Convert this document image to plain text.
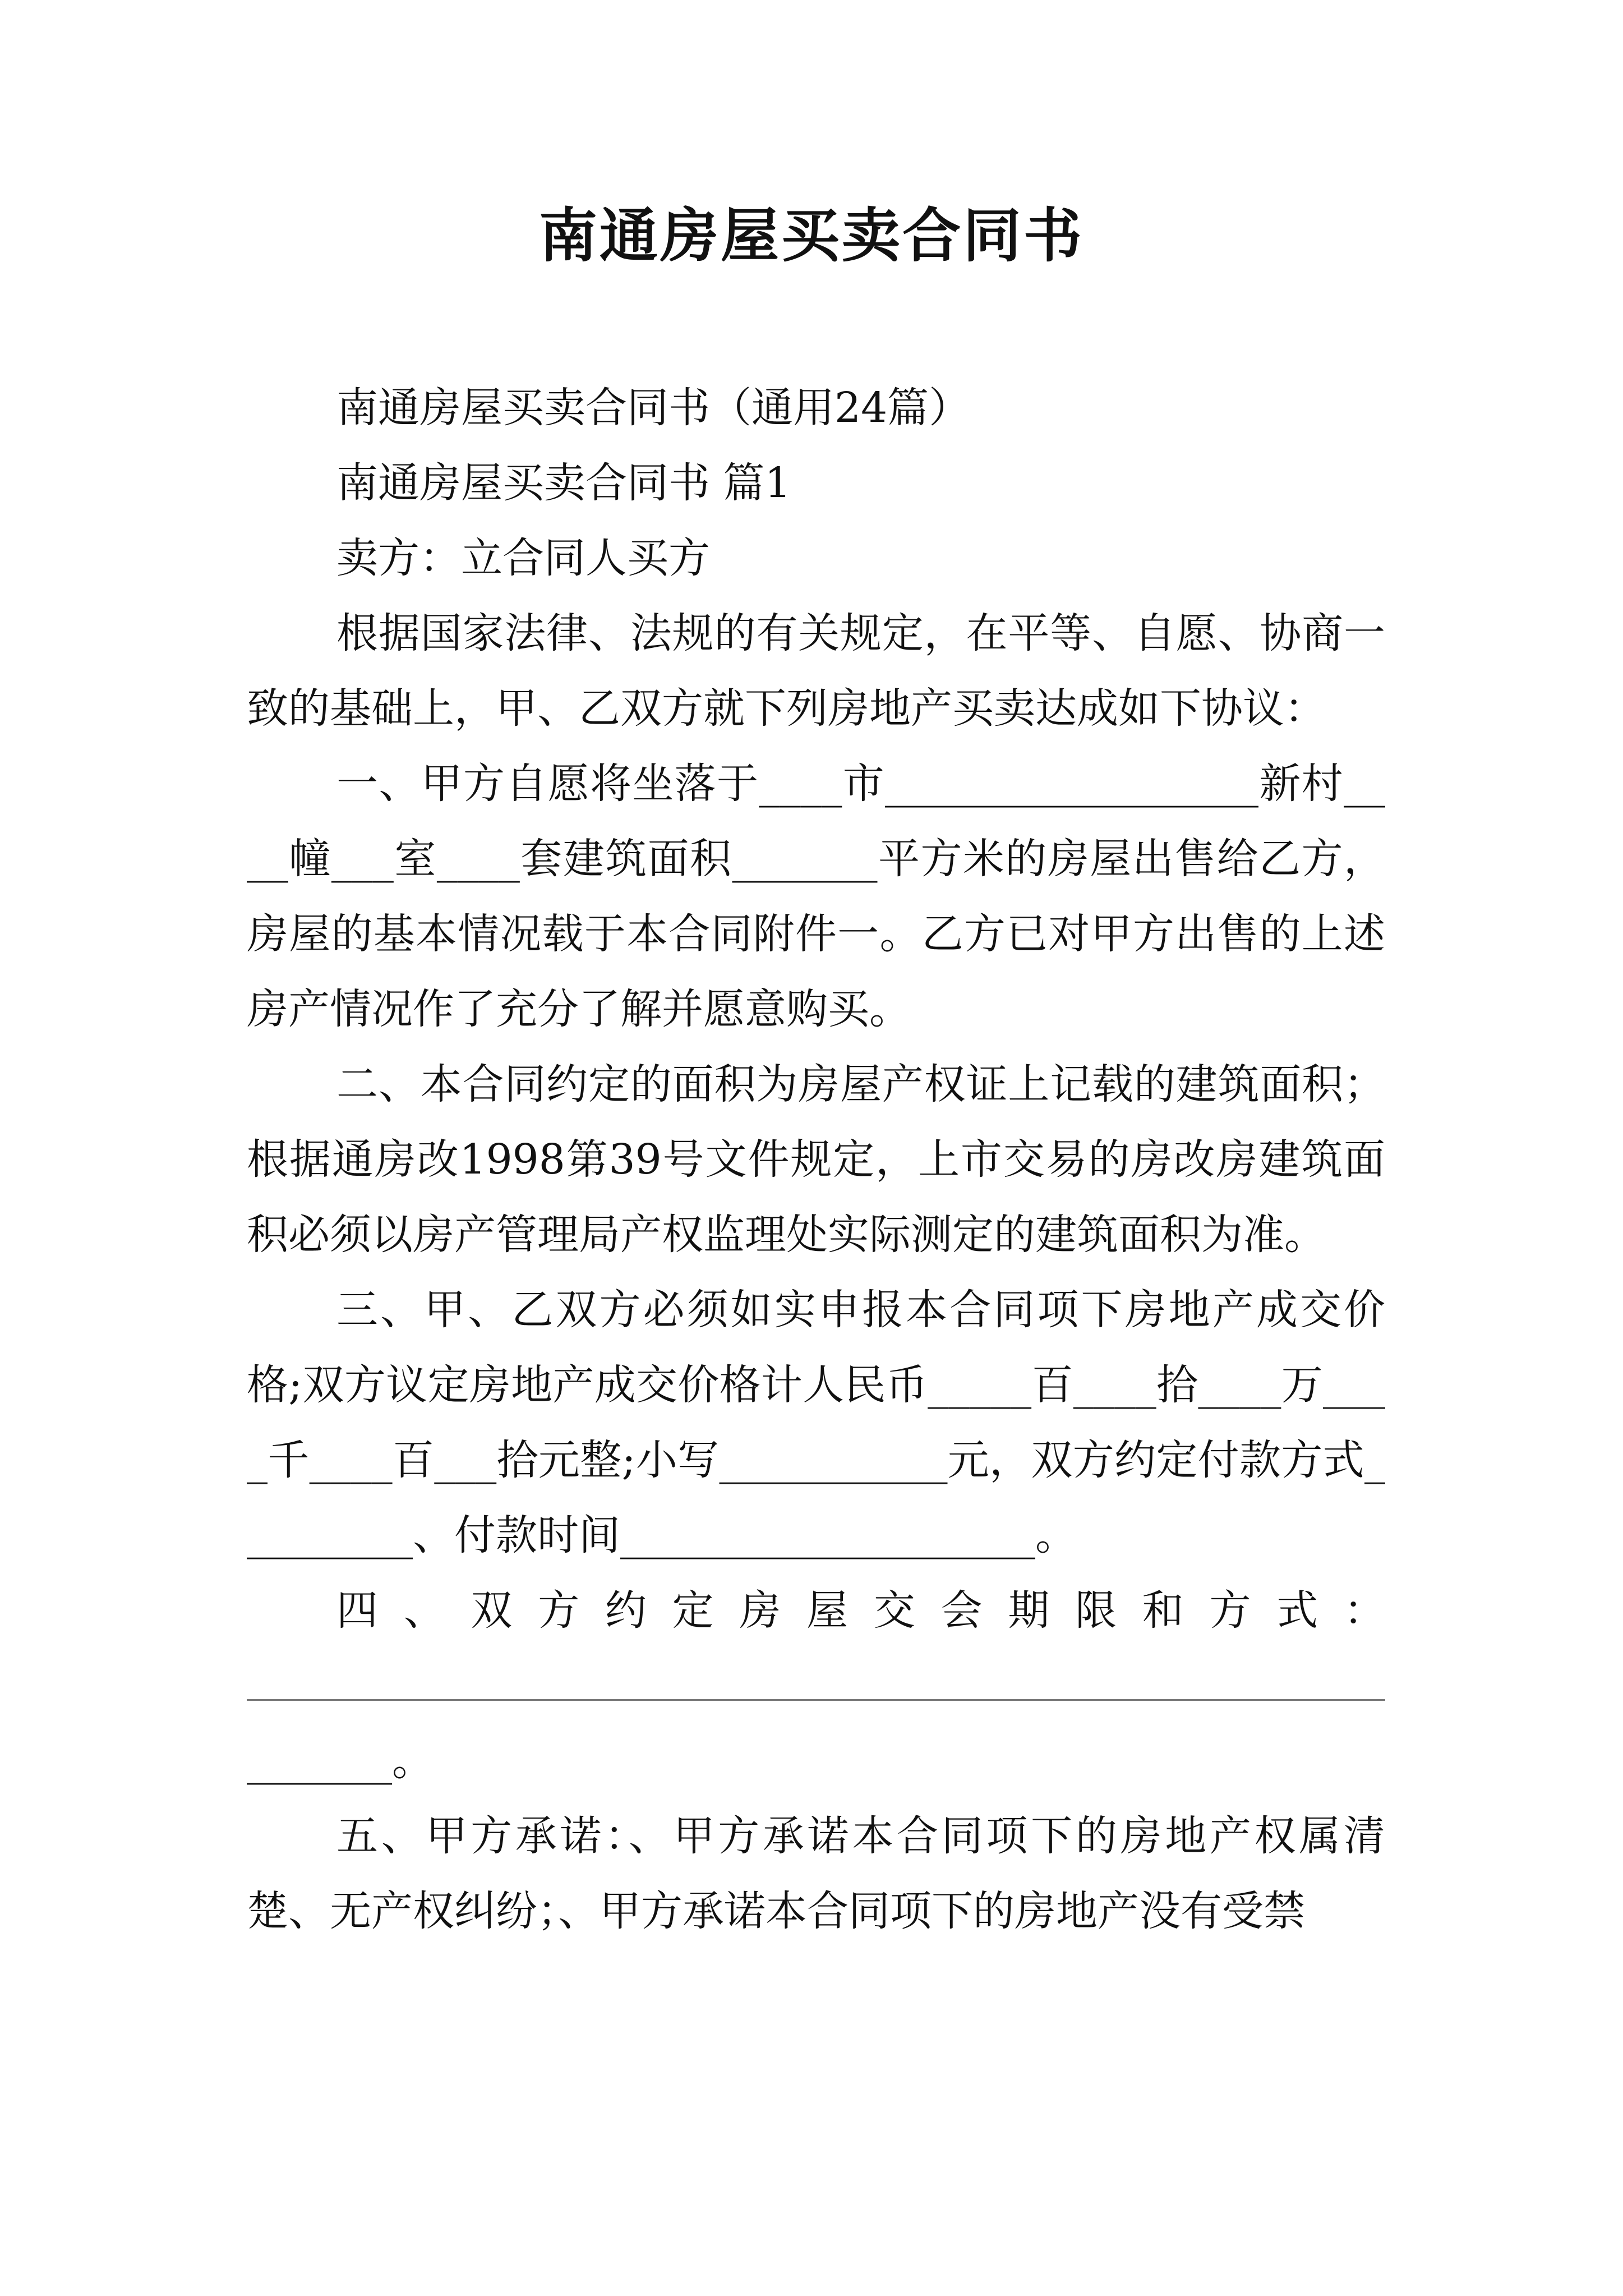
南通房屋买卖合同书

南通房屋买卖合同书（通用24篇）

南通房屋买卖合同书 篇1

卖方：立合同人买方

根据国家法律、法规的有关规定，在平等、自愿、协商一致的基础上，甲、乙双方就下列房地产买卖达成如下协议：

一、甲方自愿将坐落于____市__________________新村____幢___室____套建筑面积_______平方米的房屋出售给乙方，房屋的基本情况载于本合同附件一。乙方已对甲方出售的上述房产情况作了充分了解并愿意购买。

二、本合同约定的面积为房屋产权证上记载的建筑面积；根据通房改1998第39号文件规定，上市交易的房改房建筑面积必须以房产管理局产权监理处实际测定的建筑面积为准。

三、甲、乙双方必须如实申报本合同项下房地产成交价格;双方议定房地产成交价格计人民币_____百____拾____万____千____百___拾元整;小写___________元，双方约定付款方式_________、付款时间____________________。

四、双方约定房屋交会期限和方式：

_______。

五、甲方承诺：、甲方承诺本合同项下的房地产权属清楚、无产权纠纷；、甲方承诺本合同项下的房地产没有受禁
